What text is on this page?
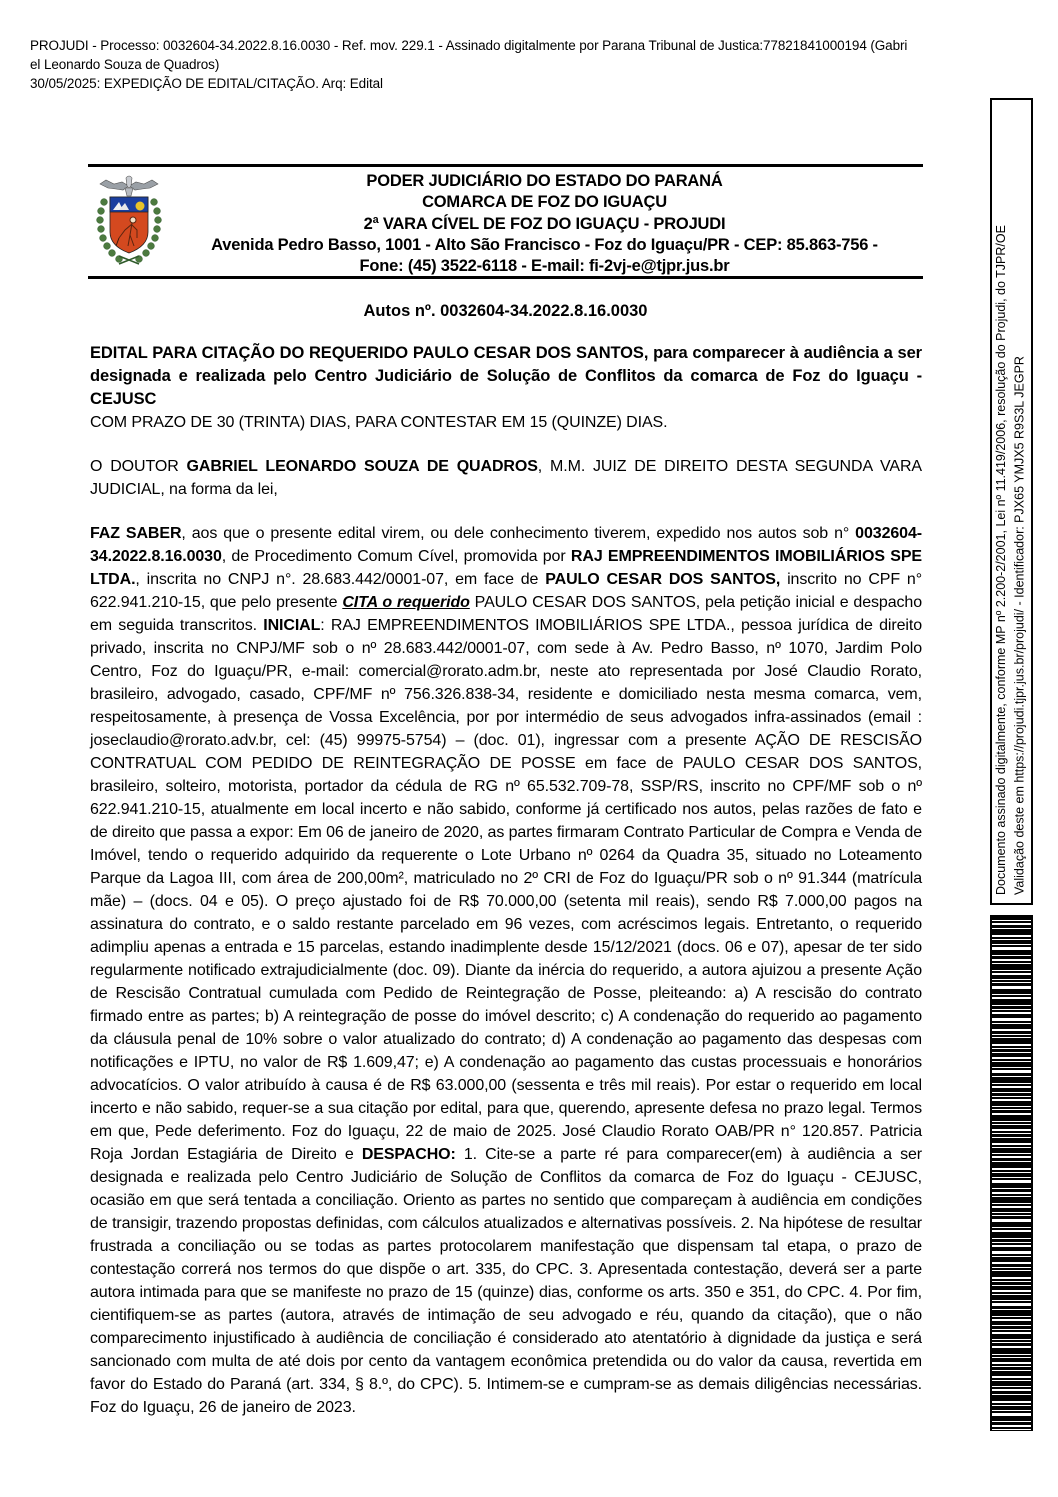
PROJUDI - Processo: 0032604-34.2022.8.16.0030 - Ref. mov. 229.1 - Assinado digitalmente por Parana Tribunal de Justica:77821841000194 (Gabri
el Leonardo Souza de Quadros)
30/05/2025: EXPEDIÇÃO DE EDITAL/CITAÇÃO. Arq: Edital
PODER JUDICIÁRIO DO ESTADO DO PARANÁ
COMARCA DE FOZ DO IGUAÇU
2ª VARA CÍVEL DE FOZ DO IGUAÇU - PROJUDI
Avenida Pedro Basso, 1001 - Alto São Francisco - Foz do Iguaçu/PR - CEP: 85.863-756 -
Fone: (45) 3522-6118 - E-mail: fi-2vj-e@tjpr.jus.br
Autos nº. 0032604-34.2022.8.16.0030
EDITAL PARA CITAÇÃO DO REQUERIDO PAULO CESAR DOS SANTOS, para comparecer à audiência a ser designada e realizada pelo Centro Judiciário de Solução de Conflitos da comarca de Foz do Iguaçu - CEJUSC
COM PRAZO DE 30 (TRINTA) DIAS, PARA CONTESTAR EM 15 (QUINZE) DIAS.
O DOUTOR GABRIEL LEONARDO SOUZA DE QUADROS, M.M. JUIZ DE DIREITO DESTA SEGUNDA VARA JUDICIAL, na forma da lei,
FAZ SABER, aos que o presente edital virem, ou dele conhecimento tiverem, expedido nos autos sob n° 0032604-34.2022.8.16.0030, de Procedimento Comum Cível, promovida por RAJ EMPREENDIMENTOS IMOBILIÁRIOS SPE LTDA., inscrita no CNPJ n°. 28.683.442/0001-07, em face de PAULO CESAR DOS SANTOS, inscrito no CPF n° 622.941.210-15, que pelo presente CITA o requerido PAULO CESAR DOS SANTOS, pela petição inicial e despacho em seguida transcritos. INICIAL: RAJ EMPREENDIMENTOS IMOBILIÁRIOS SPE LTDA., pessoa jurídica de direito privado, inscrita no CNPJ/MF sob o nº 28.683.442/0001-07, com sede à Av. Pedro Basso, nº 1070, Jardim Polo Centro, Foz do Iguaçu/PR, e-mail: comercial@rorato.adm.br, neste ato representada por José Claudio Rorato, brasileiro, advogado, casado, CPF/MF nº 756.326.838-34, residente e domiciliado nesta mesma comarca, vem, respeitosamente, à presença de Vossa Excelência, por por intermédio de seus advogados infra-assinados (email : joseclaudio@rorato.adv.br, cel: (45) 99975-5754) – (doc. 01), ingressar com a presente AÇÃO DE RESCISÃO CONTRATUAL COM PEDIDO DE REINTEGRAÇÃO DE POSSE em face de PAULO CESAR DOS SANTOS, brasileiro, solteiro, motorista, portador da cédula de RG nº 65.532.709-78, SSP/RS, inscrito no CPF/MF sob o nº 622.941.210-15, atualmente em local incerto e não sabido, conforme já certificado nos autos, pelas razões de fato e de direito que passa a expor: Em 06 de janeiro de 2020, as partes firmaram Contrato Particular de Compra e Venda de Imóvel, tendo o requerido adquirido da requerente o Lote Urbano nº 0264 da Quadra 35, situado no Loteamento Parque da Lagoa III, com área de 200,00m², matriculado no 2º CRI de Foz do Iguaçu/PR sob o nº 91.344 (matrícula mãe) – (docs. 04 e 05). O preço ajustado foi de R$ 70.000,00 (setenta mil reais), sendo R$ 7.000,00 pagos na assinatura do contrato, e o saldo restante parcelado em 96 vezes, com acréscimos legais. Entretanto, o requerido adimpliu apenas a entrada e 15 parcelas, estando inadimplente desde 15/12/2021 (docs. 06 e 07), apesar de ter sido regularmente notificado extrajudicialmente (doc. 09). Diante da inércia do requerido, a autora ajuizou a presente Ação de Rescisão Contratual cumulada com Pedido de Reintegração de Posse, pleiteando: a) A rescisão do contrato firmado entre as partes; b) A reintegração de posse do imóvel descrito; c) A condenação do requerido ao pagamento da cláusula penal de 10% sobre o valor atualizado do contrato; d) A condenação ao pagamento das despesas com notificações e IPTU, no valor de R$ 1.609,47; e) A condenação ao pagamento das custas processuais e honorários advocatícios. O valor atribuído à causa é de R$ 63.000,00 (sessenta e três mil reais). Por estar o requerido em local incerto e não sabido, requer-se a sua citação por edital, para que, querendo, apresente defesa no prazo legal. Termos em que, Pede deferimento. Foz do Iguaçu, 22 de maio de 2025. José Claudio Rorato OAB/PR n° 120.857. Patricia Roja Jordan Estagiária de Direito e DESPACHO: 1. Cite-se a parte ré para comparecer(em) à audiência a ser designada e realizada pelo Centro Judiciário de Solução de Conflitos da comarca de Foz do Iguaçu - CEJUSC, ocasião em que será tentada a conciliação. Oriento as partes no sentido que compareçam à audiência em condições de transigir, trazendo propostas definidas, com cálculos atualizados e alternativas possíveis. 2. Na hipótese de resultar frustrada a conciliação ou se todas as partes protocolarem manifestação que dispensam tal etapa, o prazo de contestação correrá nos termos do que dispõe o art. 335, do CPC. 3. Apresentada contestação, deverá ser a parte autora intimada para que se manifeste no prazo de 15 (quinze) dias, conforme os arts. 350 e 351, do CPC. 4. Por fim, cientifiquem-se as partes (autora, através de intimação de seu advogado e réu, quando da citação), que o não comparecimento injustificado à audiência de conciliação é considerado ato atentatório à dignidade da justiça e será sancionado com multa de até dois por cento da vantagem econômica pretendida ou do valor da causa, revertida em favor do Estado do Paraná (art. 334, § 8.º, do CPC). 5. Intimem-se e cumpram-se as demais diligências necessárias. Foz do Iguaçu, 26 de janeiro de 2023.
Documento assinado digitalmente, conforme MP nº 2.200-2/2001, Lei nº 11.419/2006, resolução do Projudi, do TJPR/OE Validação deste em https://projudi.tjpr.jus.br/projudi/ - Identificador: PJX65 YMJX5 R9S3L JEGPR
